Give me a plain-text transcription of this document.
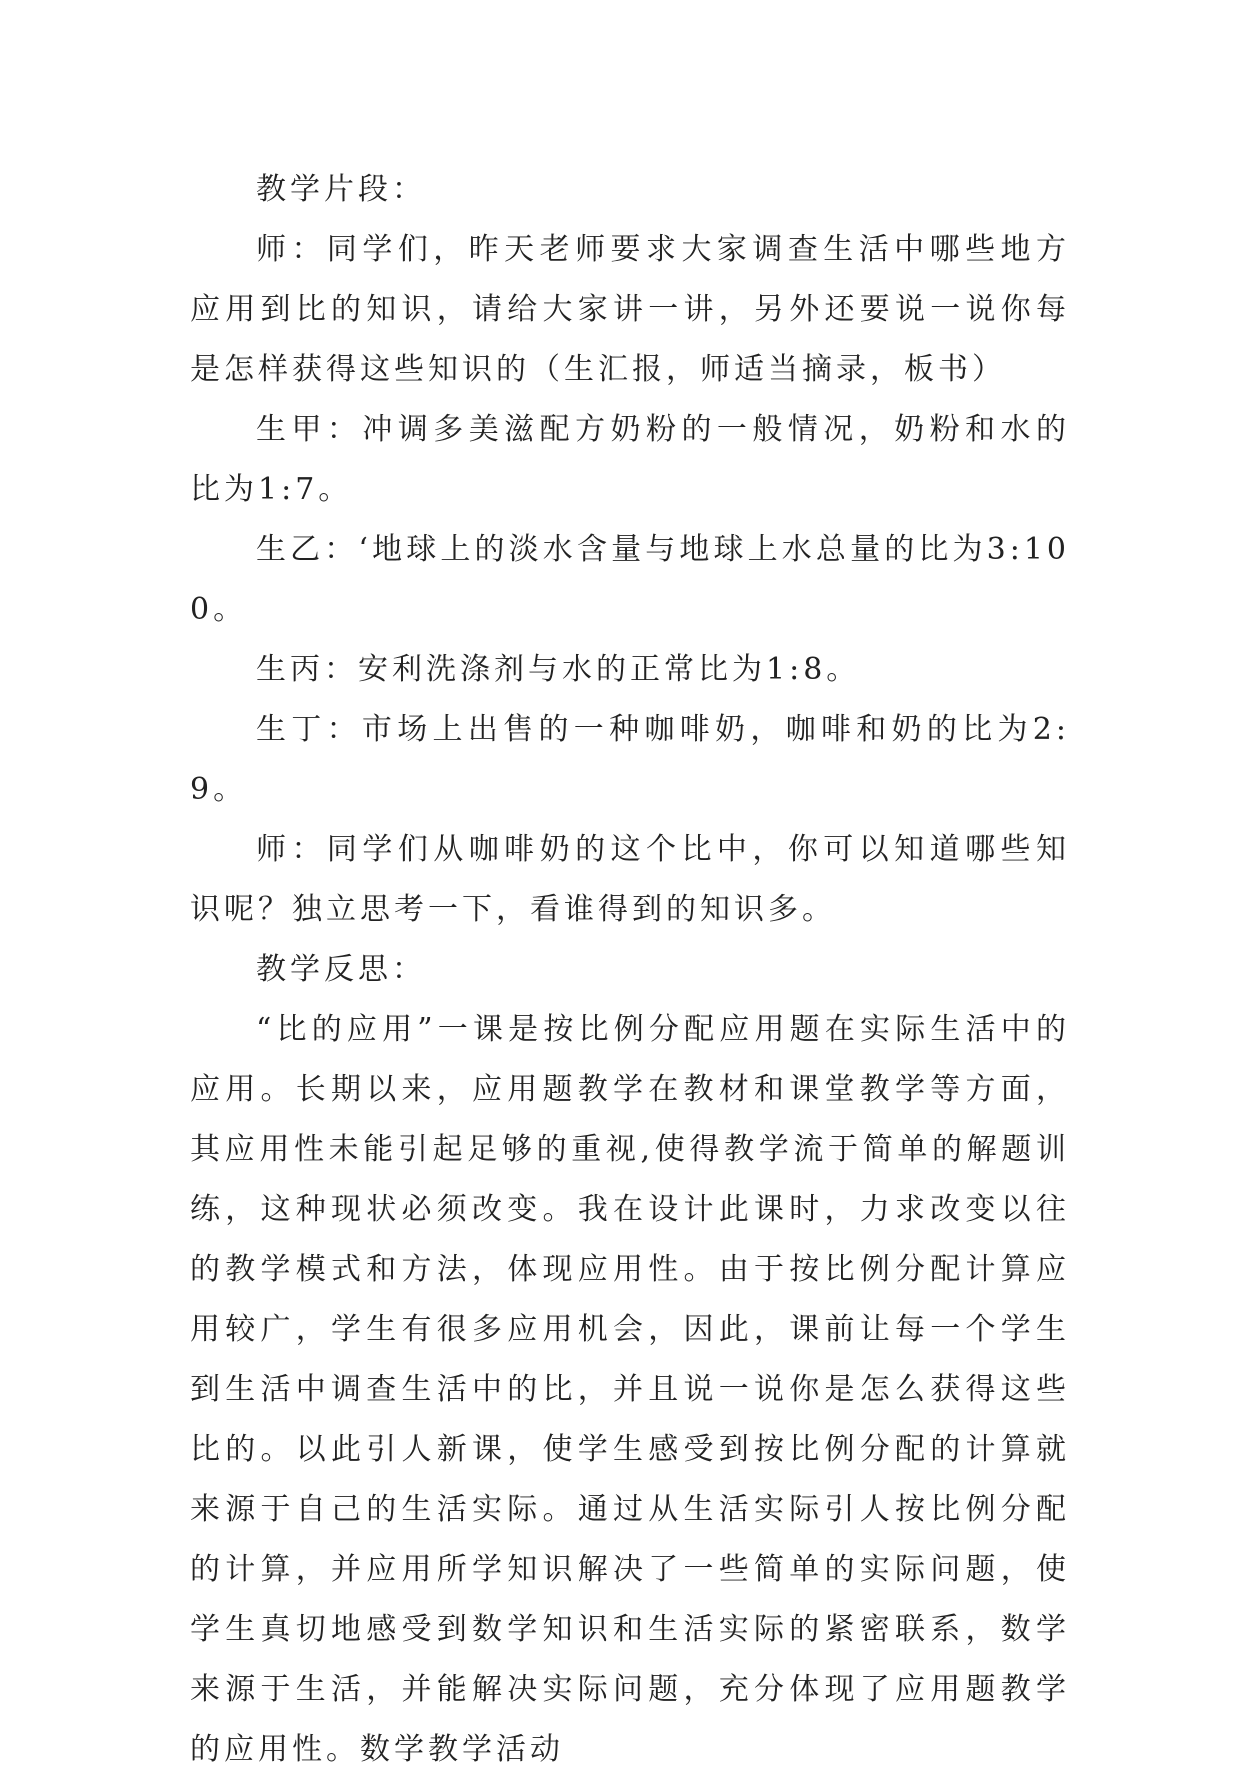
教学片段：

师：同学们，昨天老师要求大家调查生活中哪些地方应用到比的知识，请给大家讲一讲，另外还要说一说你每是怎样获得这些知识的（生汇报，师适当摘录，板书）

生甲：冲调多美滋配方奶粉的一般情况，奶粉和水的比为1:7。

生乙：‘地球上的淡水含量与地球上水总量的比为3:100。

生丙：安利洗涤剂与水的正常比为1:8。

生丁：市场上出售的一种咖啡奶，咖啡和奶的比为2:9。

师：同学们从咖啡奶的这个比中，你可以知道哪些知识呢？独立思考一下，看谁得到的知识多。

教学反思：

“比的应用”一课是按比例分配应用题在实际生活中的应用。长期以来，应用题教学在教材和课堂教学等方面，其应用性未能引起足够的重视,使得教学流于简单的解题训练，这种现状必须改变。我在设计此课时，力求改变以往的教学模式和方法，体现应用性。由于按比例分配计算应用较广，学生有很多应用机会，因此，课前让每一个学生到生活中调查生活中的比，并且说一说你是怎么获得这些比的。以此引人新课，使学生感受到按比例分配的计算就来源于自己的生活实际。通过从生活实际引人按比例分配的计算，并应用所学知识解决了一些简单的实际问题，使学生真切地感受到数学知识和生活实际的紧密联系，数学来源于生活，并能解决实际问题，充分体现了应用题教学的应用性。数学教学活动
